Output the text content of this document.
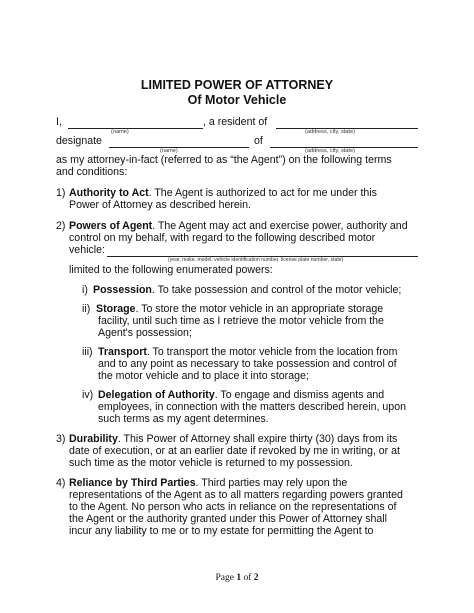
LIMITED POWER OF ATTORNEY
Of Motor Vehicle
I,	, a resident of
(name)	(address, city, state)
designate	of
(name)	(address, city, state)
as my attorney-in-fact (referred to as “the Agent”) on the following terms
and conditions:
1) Authority to Act. The Agent is authorized to act for me under this
Power of Attorney as described herein.
2) Powers of Agent. The Agent may act and exercise power, authority and
control on my behalf, with regard to the following described motor
vehicle:
(year, make, model, vehicle identification number, license plate number, state)
limited to the following enumerated powers:
i) Possession. To take possession and control of the motor vehicle;
ii) Storage. To store the motor vehicle in an appropriate storage
facility, until such time as I retrieve the motor vehicle from the
Agent's possession;
iii) Transport. To transport the motor vehicle from the location from
and to any point as necessary to take possession and control of
the motor vehicle and to place it into storage;
iv) Delegation of Authority. To engage and dismiss agents and
employees, in connection with the matters described herein, upon
such terms as my agent determines.
3) Durability. This Power of Attorney shall expire thirty (30) days from its
date of execution, or at an earlier date if revoked by me in writing, or at
such time as the motor vehicle is returned to my possession.
4) Reliance by Third Parties. Third parties may rely upon the
representations of the Agent as to all matters regarding powers granted
to the Agent. No person who acts in reliance on the representations of
the Agent or the authority granted under this Power of Attorney shall
incur any liability to me or to my estate for permitting the Agent to
Page 1 of 2
